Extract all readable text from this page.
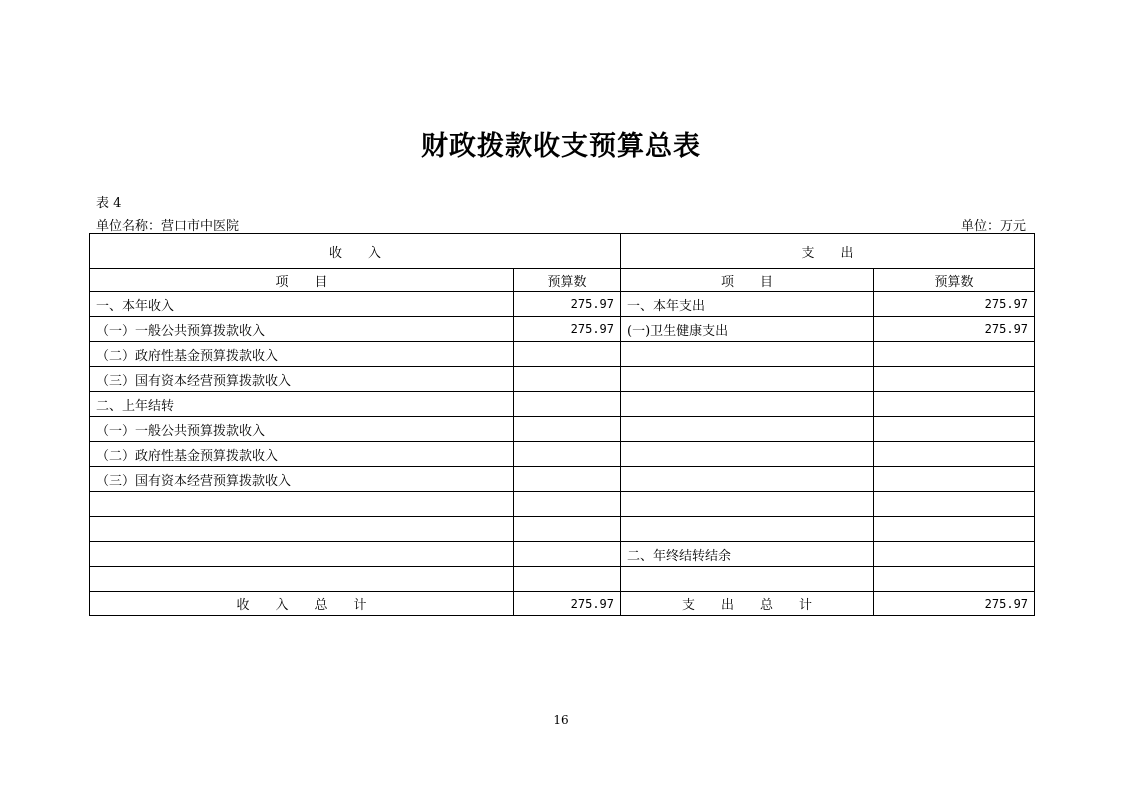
财政拨款收支预算总表
表 4
单位名称：营口市中医院	单位：万元
收　　入		支　　出	
项　　目	预算数	项　　目	预算数
一、本年收入	275.97	一、本年支出	275.97
（一）一般公共预算拨款收入	275.97	(一)卫生健康支出	275.97
（二）政府性基金预算拨款收入			
（三）国有资本经营预算拨款收入			
二、上年结转			
（一）一般公共预算拨款收入			
（二）政府性基金预算拨款收入			
（三）国有资本经营预算拨款收入			

		二、年终结转结余	

收　　入　　总　　计	275.97	支　　出　　总　　计	275.97
16
